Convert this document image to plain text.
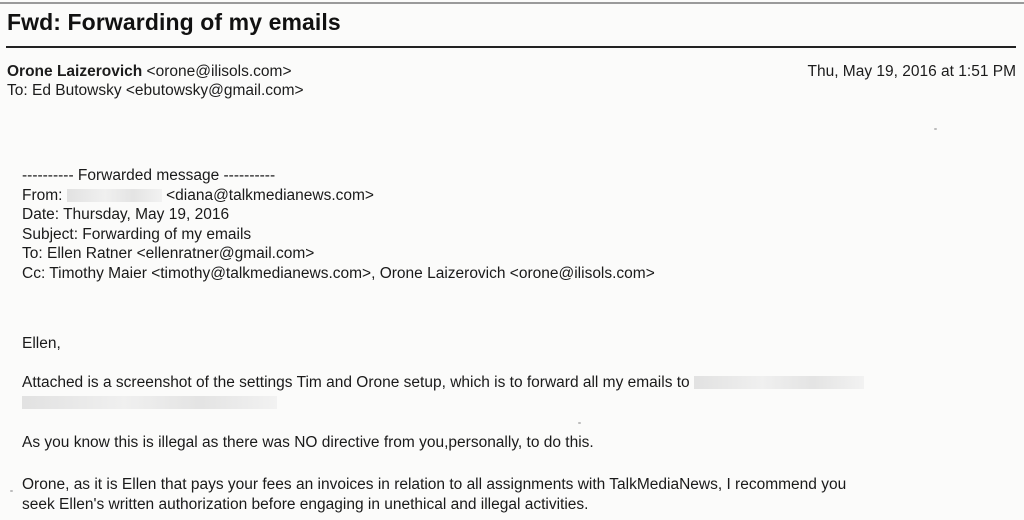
Fwd: Forwarding of my emails
Orone Laizerovich <orone@ilisols.com>	Thu, May 19, 2016 at 1:51 PM
To: Ed Butowsky <ebutowsky@gmail.com>
---------- Forwarded message ----------
From:	<diana@talkmedianews.com>
Date: Thursday, May 19, 2016
Subject: Forwarding of my emails
To: Ellen Ratner <ellenratner@gmail.com>
Cc: Timothy Maier <timothy@talkmedianews.com>, Orone Laizerovich <orone@ilisols.com>
Ellen,
Attached is a screenshot of the settings Tim and Orone setup, which is to forward all my emails to
As you know this is illegal as there was NO directive from you,personally, to do this.
Orone, as it is Ellen that pays your fees an invoices in relation to all assignments with TalkMediaNews, I recommend you
seek Ellen's written authorization before engaging in unethical and illegal activities.
